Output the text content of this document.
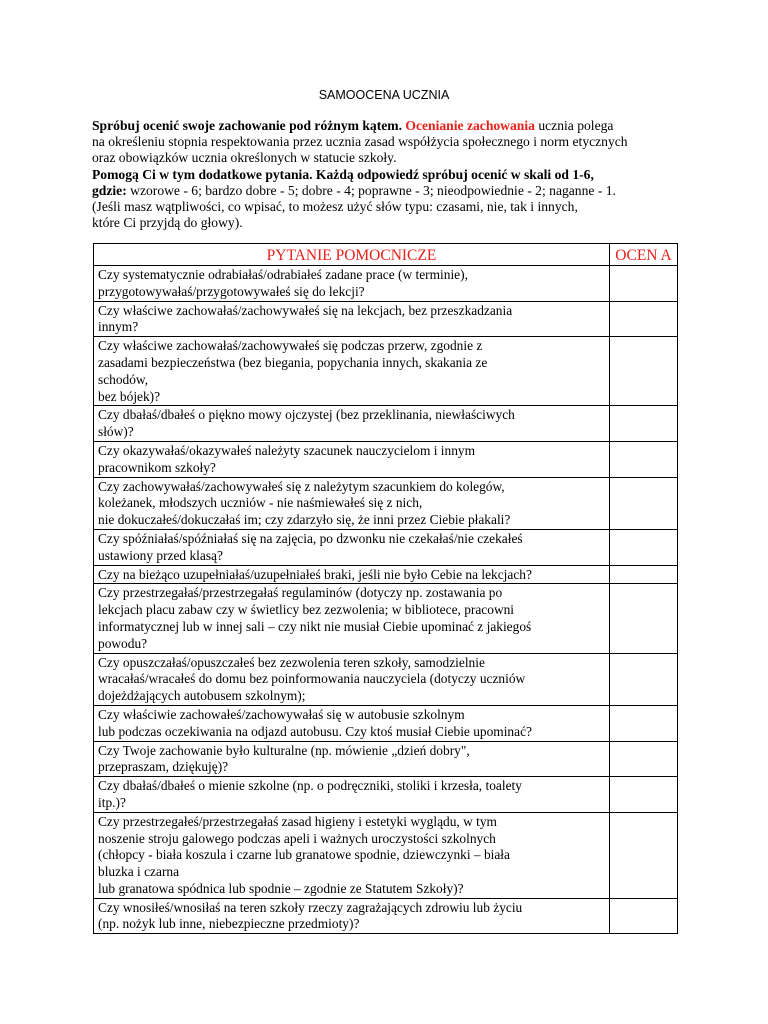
SAMOOCENA UCZNIA
Spróbuj ocenić swoje zachowanie pod różnym kątem. Ocenianie zachowania ucznia polega
na określeniu stopnia respektowania przez ucznia zasad współżycia społecznego i norm etycznych
oraz obowiązków ucznia określonych w statucie szkoły.
Pomogą Ci w tym dodatkowe pytania. Każdą odpowiedź spróbuj ocenić w skali od 1-6,
gdzie: wzorowe - 6; bardzo dobre - 5; dobre - 4; poprawne - 3; nieodpowiednie - 2; naganne - 1.
(Jeśli masz wątpliwości, co wpisać, to możesz użyć słów typu: czasami, nie, tak i innych,
które Ci przyjdą do głowy).
PYTANIE POMOCNICZE	OCEN A
Czy systematycznie odrabiałaś/odrabiałeś zadane prace (w terminie),
przygotowywałaś/przygotowywałeś się do lekcji?	
Czy właściwe zachowałaś/zachowywałeś się na lekcjach, bez przeszkadzania
innym?	
Czy właściwe zachowałaś/zachowywałeś się podczas przerw, zgodnie z
zasadami bezpieczeństwa (bez biegania, popychania innych, skakania ze
schodów,
bez bójek)?	
Czy dbałaś/dbałeś o piękno mowy ojczystej (bez przeklinania, niewłaściwych
słów)?	
Czy okazywałaś/okazywałeś należyty szacunek nauczycielom i innym
pracownikom szkoły?	
Czy zachowywałaś/zachowywałeś się z należytym szacunkiem do kolegów,
koleżanek, młodszych uczniów - nie naśmiewałeś się z nich,
nie dokuczałeś/dokuczałaś im; czy zdarzyło się, że inni przez Ciebie płakali?	
Czy spóźniałaś/spóźniałaś się na zajęcia, po dzwonku nie czekałaś/nie czekałeś
ustawiony przed klasą?	
Czy na bieżąco uzupełniałaś/uzupełniałeś braki, jeśli nie było Cebie na lekcjach?	
Czy przestrzegałaś/przestrzegałaś regulaminów (dotyczy np. zostawania po
lekcjach placu zabaw czy w świetlicy bez zezwolenia; w bibliotece, pracowni
informatycznej lub w innej sali – czy nikt nie musiał Ciebie upominać z jakiegoś
powodu?	
Czy opuszczałaś/opuszczałeś bez zezwolenia teren szkoły, samodzielnie
wracałaś/wracałeś do domu bez poinformowania nauczyciela (dotyczy uczniów
dojeżdżających autobusem szkolnym);	
Czy właściwie zachowałeś/zachowywałaś się w autobusie szkolnym
lub podczas oczekiwania na odjazd autobusu. Czy ktoś musiał Ciebie upominać?	
Czy Twoje zachowanie było kulturalne (np. mówienie „dzień dobry",
przepraszam, dziękuję)?	
Czy dbałaś/dbałeś o mienie szkolne (np. o podręczniki, stoliki i krzesła, toalety
itp.)?	
Czy przestrzegałeś/przestrzegałaś zasad higieny i estetyki wyglądu, w tym
noszenie stroju galowego podczas apeli i ważnych uroczystości szkolnych
(chłopcy - biała koszula i czarne lub granatowe spodnie, dziewczynki – biała
bluzka i czarna
lub granatowa spódnica lub spodnie – zgodnie ze Statutem Szkoły)?	
Czy wnosiłeś/wnosiłaś na teren szkoły rzeczy zagrażających zdrowiu lub życiu
(np. nożyk lub inne, niebezpieczne przedmioty)?	
